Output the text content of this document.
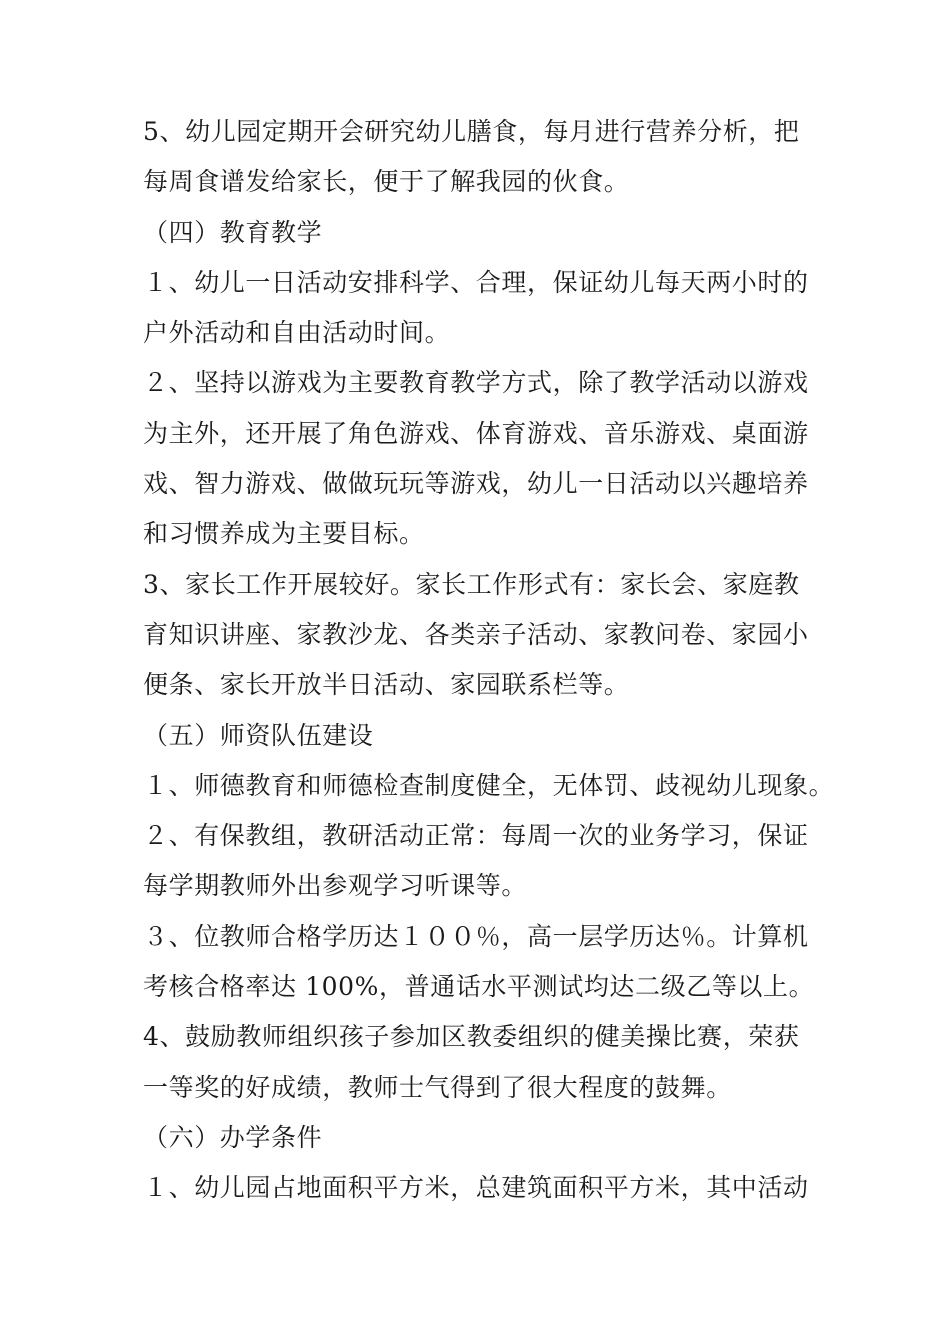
5、幼儿园定期开会研究幼儿膳食，每月进行营养分析，把
每周食谱发给家长，便于了解我园的伙食。
（四）教育教学
１、幼儿一日活动安排科学、合理，保证幼儿每天两小时的
户外活动和自由活动时间。
２、坚持以游戏为主要教育教学方式，除了教学活动以游戏
为主外，还开展了角色游戏、体育游戏、音乐游戏、桌面游
戏、智力游戏、做做玩玩等游戏，幼儿一日活动以兴趣培养
和习惯养成为主要目标。
3、家长工作开展较好。家长工作形式有：家长会、家庭教
育知识讲座、家教沙龙、各类亲子活动、家教问卷、家园小
便条、家长开放半日活动、家园联系栏等。
（五）师资队伍建设
１、师德教育和师德检查制度健全，无体罚、歧视幼儿现象。
２、有保教组，教研活动正常：每周一次的业务学习，保证
每学期教师外出参观学习听课等。
３、位教师合格学历达１００％，高一层学历达％。计算机
考核合格率达 100%，普通话水平测试均达二级乙等以上。
4、鼓励教师组织孩子参加区教委组织的健美操比赛，荣获
一等奖的好成绩，教师士气得到了很大程度的鼓舞。
（六）办学条件
１、幼儿园占地面积平方米，总建筑面积平方米，其中活动
